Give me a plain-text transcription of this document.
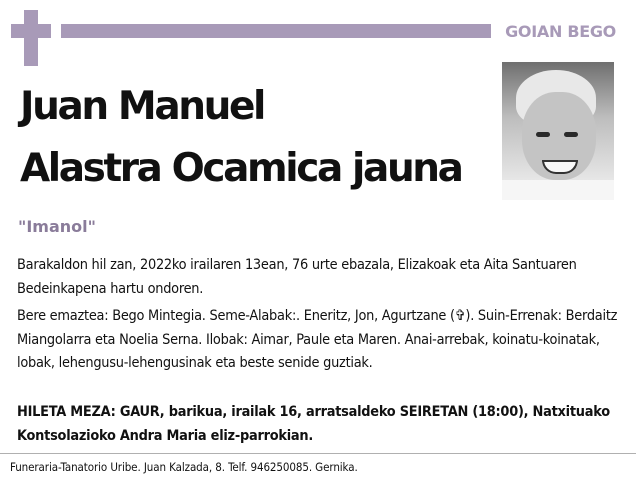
GOIAN BEGO
Juan Manuel
Alastra Ocamica jauna
"Imanol"
Barakaldon hil zan, 2022ko irailaren 13ean, 76 urte ebazala, Elizakoak eta Aita Santuaren Bedeinkapena hartu ondoren.
Bere emaztea: Bego Mintegia. Seme-Alabak:. Eneritz, Jon, Agurtzane (✞). Suin-Errenak: Berdaitz Miangolarra eta Noelia Serna. Ilobak: Aimar, Paule eta Maren. Anai-arrebak, koinatu-koinatak, lobak, lehengusu-lehengusinak eta beste senide guztiak.
HILETA MEZA: GAUR, barikua, irailak 16, arratsaldeko SEIRETAN (18:00), Natxituako Kontsolazioko Andra Maria eliz-parrokian.
Funeraria-Tanatorio Uribe. Juan Kalzada, 8. Telf. 946250085. Gernika.
